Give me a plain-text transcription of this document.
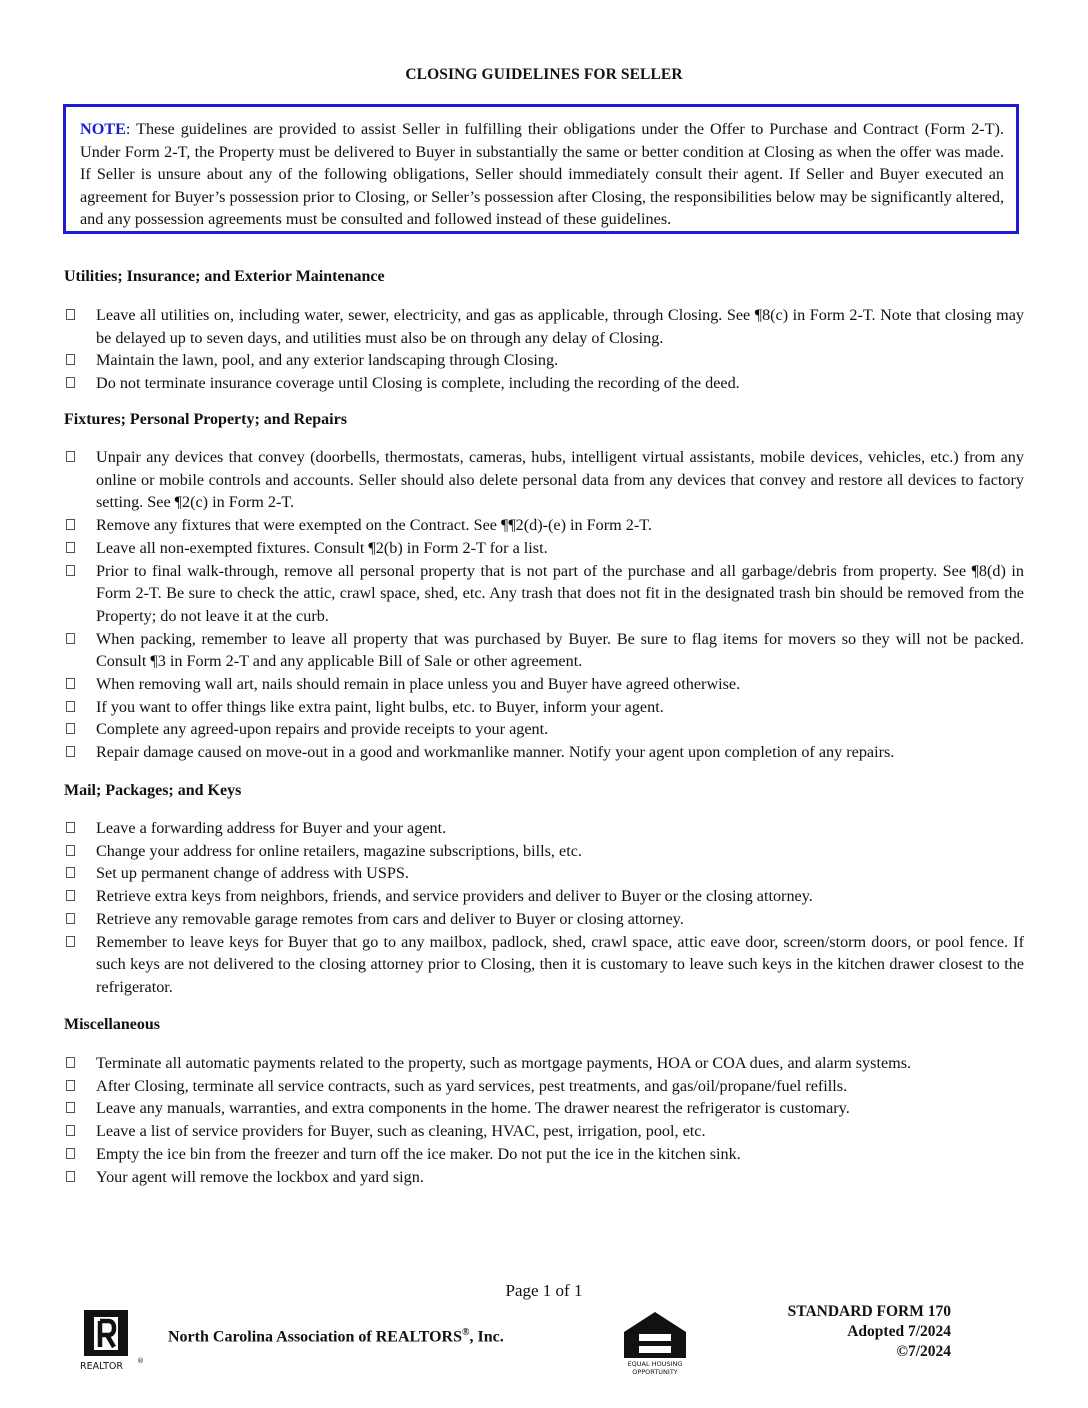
CLOSING GUIDELINES FOR SELLER
NOTE: These guidelines are provided to assist Seller in fulfilling their obligations under the Offer to Purchase and Contract (Form 2-T). Under Form 2-T, the Property must be delivered to Buyer in substantially the same or better condition at Closing as when the offer was made. If Seller is unsure about any of the following obligations, Seller should immediately consult their agent. If Seller and Buyer executed an agreement for Buyer’s possession prior to Closing, or Seller’s possession after Closing, the responsibilities below may be significantly altered, and any possession agreements must be consulted and followed instead of these guidelines.
Utilities; Insurance; and Exterior Maintenance
Leave all utilities on, including water, sewer, electricity, and gas as applicable, through Closing. See ¶8(c) in Form 2-T. Note that closing may be delayed up to seven days, and utilities must also be on through any delay of Closing.
Maintain the lawn, pool, and any exterior landscaping through Closing.
Do not terminate insurance coverage until Closing is complete, including the recording of the deed.
Fixtures; Personal Property; and Repairs
Unpair any devices that convey (doorbells, thermostats, cameras, hubs, intelligent virtual assistants, mobile devices, vehicles, etc.) from any online or mobile controls and accounts. Seller should also delete personal data from any devices that convey and restore all devices to factory setting. See ¶2(c) in Form 2-T.
Remove any fixtures that were exempted on the Contract. See ¶¶2(d)-(e) in Form 2-T.
Leave all non-exempted fixtures. Consult ¶2(b) in Form 2-T for a list.
Prior to final walk-through, remove all personal property that is not part of the purchase and all garbage/debris from property. See ¶8(d) in Form 2-T. Be sure to check the attic, crawl space, shed, etc. Any trash that does not fit in the designated trash bin should be removed from the Property; do not leave it at the curb.
When packing, remember to leave all property that was purchased by Buyer. Be sure to flag items for movers so they will not be packed. Consult ¶3 in Form 2-T and any applicable Bill of Sale or other agreement.
When removing wall art, nails should remain in place unless you and Buyer have agreed otherwise.
If you want to offer things like extra paint, light bulbs, etc. to Buyer, inform your agent.
Complete any agreed-upon repairs and provide receipts to your agent.
Repair damage caused on move-out in a good and workmanlike manner. Notify your agent upon completion of any repairs.
Mail; Packages; and Keys
Leave a forwarding address for Buyer and your agent.
Change your address for online retailers, magazine subscriptions, bills, etc.
Set up permanent change of address with USPS.
Retrieve extra keys from neighbors, friends, and service providers and deliver to Buyer or the closing attorney.
Retrieve any removable garage remotes from cars and deliver to Buyer or closing attorney.
Remember to leave keys for Buyer that go to any mailbox, padlock, shed, crawl space, attic eave door, screen/storm doors, or pool fence. If such keys are not delivered to the closing attorney prior to Closing, then it is customary to leave such keys in the kitchen drawer closest to the refrigerator.
Miscellaneous
Terminate all automatic payments related to the property, such as mortgage payments, HOA or COA dues, and alarm systems.
After Closing, terminate all service contracts, such as yard services, pest treatments, and gas/oil/propane/fuel refills.
Leave any manuals, warranties, and extra components in the home. The drawer nearest the refrigerator is customary.
Leave a list of service providers for Buyer, such as cleaning, HVAC, pest, irrigation, pool, etc.
Empty the ice bin from the freezer and turn off the ice maker. Do not put the ice in the kitchen sink.
Your agent will remove the lockbox and yard sign.
Page 1 of 1
REALTOR ®
North Carolina Association of REALTORS®, Inc.
EQUAL HOUSING
OPPORTUNITY
STANDARD FORM 170
Adopted 7/2024
©7/2024
